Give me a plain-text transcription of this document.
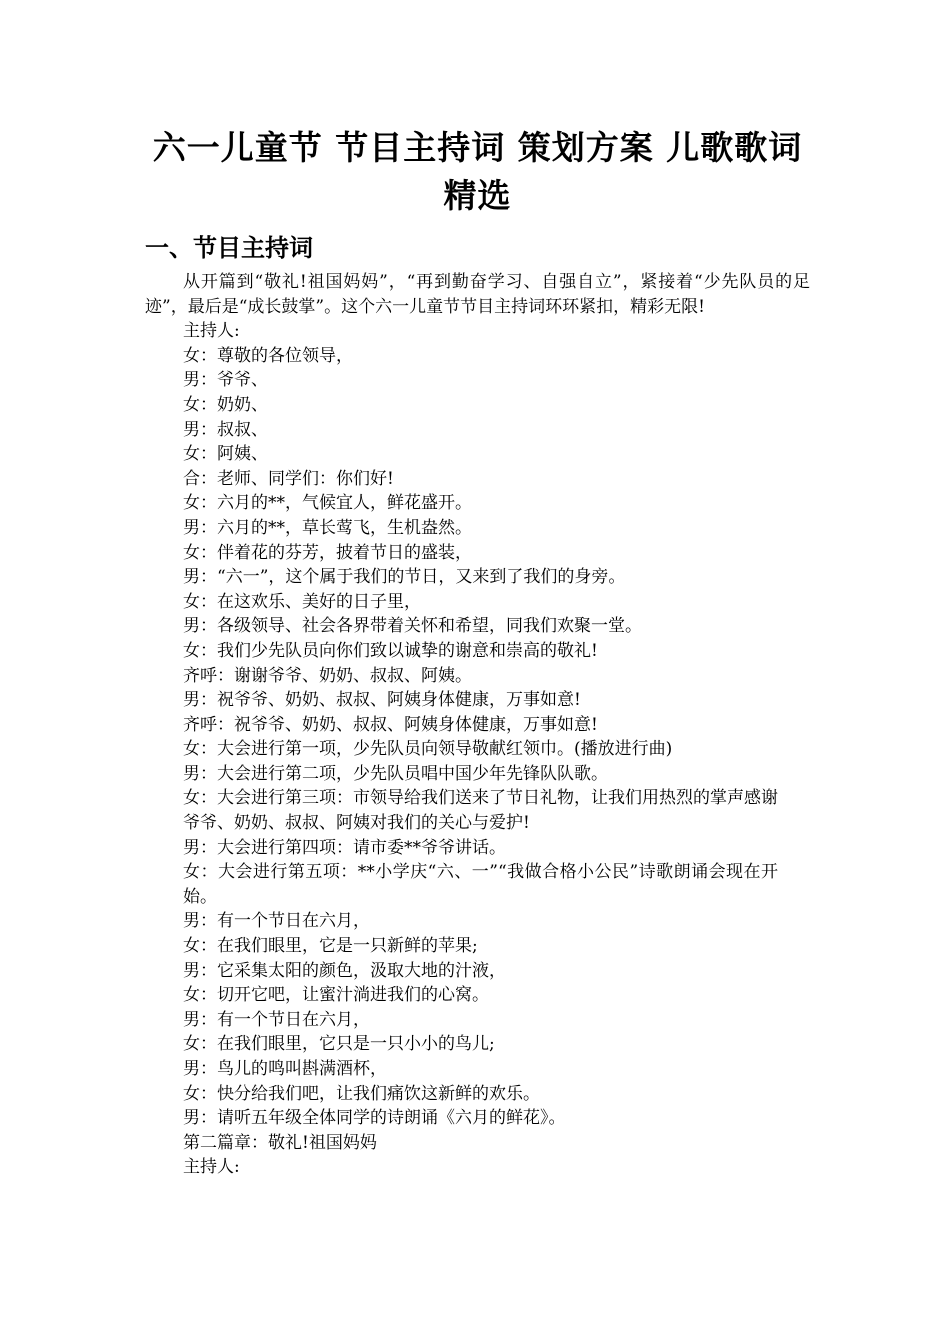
六一儿童节 节目主持词 策划方案 儿歌歌词精选
一、节目主持词

从开篇到“敬礼!祖国妈妈”，“再到勤奋学习、自强自立”，紧接着“少先队员的足迹”，最后是“成长鼓掌”。这个六一儿童节节目主持词环环紧扣，精彩无限!

主持人:
女：尊敬的各位领导，
男：爷爷、
女：奶奶、
男：叔叔、
女：阿姨、
合：老师、同学们：你们好!
女：六月的**，气候宜人，鲜花盛开。
男：六月的**，草长莺飞，生机盎然。
女：伴着花的芬芳，披着节日的盛装，
男：“六一”，这个属于我们的节日，又来到了我们的身旁。
女：在这欢乐、美好的日子里，
男：各级领导、社会各界带着关怀和希望，同我们欢聚一堂。
女：我们少先队员向你们致以诚挚的谢意和崇高的敬礼!
齐呼：谢谢爷爷、奶奶、叔叔、阿姨。
男：祝爷爷、奶奶、叔叔、阿姨身体健康，万事如意!
齐呼：祝爷爷、奶奶、叔叔、阿姨身体健康，万事如意!
女：大会进行第一项，少先队员向领导敬献红领巾。(播放进行曲)
男：大会进行第二项，少先队员唱中国少年先锋队队歌。
女：大会进行第三项：市领导给我们送来了节日礼物，让我们用热烈的掌声感谢爷爷、奶奶、叔叔、阿姨对我们的关心与爱护!
男：大会进行第四项：请市委**爷爷讲话。
女：大会进行第五项：**小学庆“六、一”“我做合格小公民”诗歌朗诵会现在开始。
男：有一个节日在六月，
女：在我们眼里，它是一只新鲜的苹果;
男：它采集太阳的颜色，汲取大地的汁液，
女：切开它吧，让蜜汁淌进我们的心窝。
男：有一个节日在六月，
女：在我们眼里，它只是一只小小的鸟儿;
男：鸟儿的鸣叫斟满酒杯，
女：快分给我们吧，让我们痛饮这新鲜的欢乐。
男：请听五年级全体同学的诗朗诵《六月的鲜花》。
第二篇章：敬礼!祖国妈妈
主持人:
